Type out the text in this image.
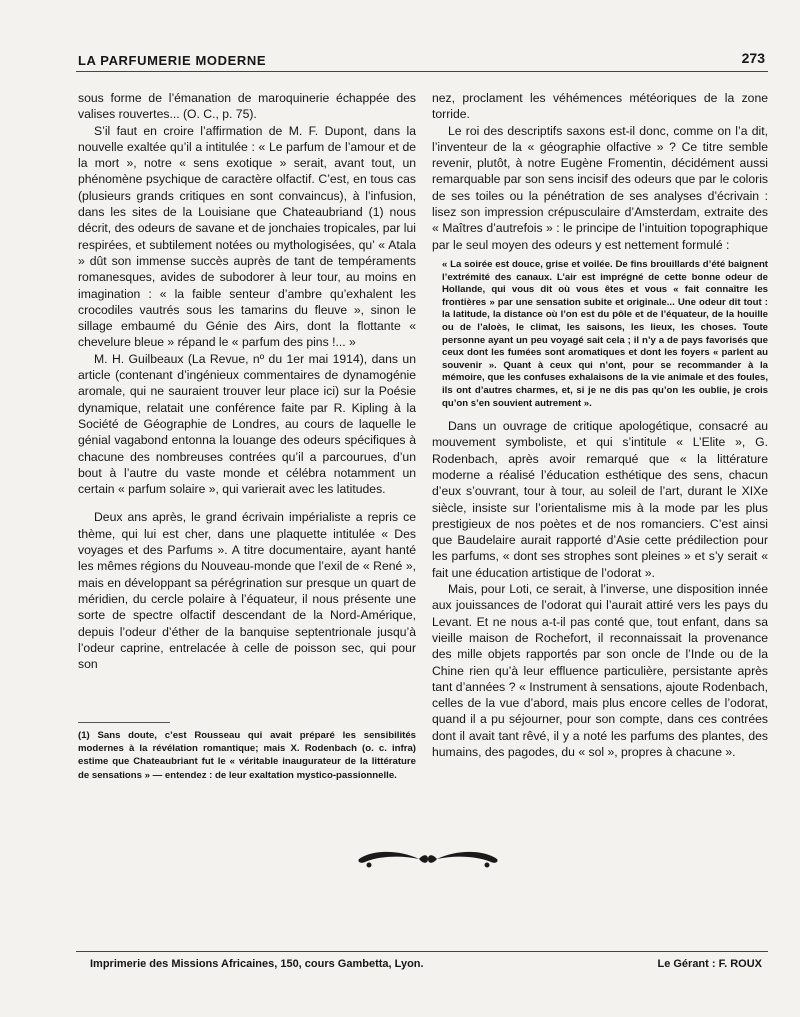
LA PARFUMERIE MODERNE	273

sous forme de l’émanation de maroquinerie échappée des valises rouvertes... (O. C., p. 75).

S’il faut en croire l’affirmation de M. F. Dupont, dans la nouvelle exaltée qu’il a intitulée : « Le parfum de l’amour et de la mort », notre « sens exotique » serait, avant tout, un phénomène psychique de caractère olfactif. C’est, en tous cas (plusieurs grands critiques en sont convaincus), à l’infusion, dans les sites de la Louisiane que Chateaubriand (1) nous décrit, des odeurs de savane et de jonchaies tropicales, par lui respirées, et subtilement notées ou mythologisées, qu’ « Atala » dût son immense succès auprès de tant de tempéraments romanesques, avides de subodorer à leur tour, au moins en imagination : « la faible senteur d’ambre qu’exhalent les crocodiles vautrés sous les tamarins du fleuve », sinon le sillage embaumé du Génie des Airs, dont la flottante « chevelure bleue » répand le « parfum des pins !... »

M. H. Guilbeaux (La Revue, nº du 1er mai 1914), dans un article (contenant d’ingénieux commentaires de dynamogénie aromale, qui ne sauraient trouver leur place ici) sur la Poésie dynamique, relatait une conférence faite par R. Kipling à la Société de Géographie de Londres, au cours de laquelle le génial vagabond entonna la louange des odeurs spécifiques à chacune des nombreuses contrées qu’il a parcourues, d’un bout à l’autre du vaste monde et célébra notamment un certain « parfum solaire », qui varierait avec les latitudes.

Deux ans après, le grand écrivain impérialiste a repris ce thème, qui lui est cher, dans une plaquette intitulée « Des voyages et des Parfums ». A titre documentaire, ayant hanté les mêmes régions du Nouveau-monde que l’exil de « René », mais en développant sa pérégrination sur presque un quart de méridien, du cercle polaire à l’équateur, il nous présente une sorte de spectre olfactif descendant de la Nord-Amérique, depuis l’odeur d’éther de la banquise septentrionale jusqu’à l’odeur caprine, entrelacée à celle de poisson sec, qui pour son

(1) Sans doute, c’est Rousseau qui avait préparé les sensibilités modernes à la révélation romantique; mais X. Rodenbach (o. c. infra) estime que Chateaubriant fut le « véritable inaugurateur de la littérature de sensations » — entendez : de leur exaltation mystico-passionnelle.

nez, proclament les véhémences météoriques de la zone torride.

Le roi des descriptifs saxons est-il donc, comme on l’a dit, l’inventeur de la « géographie olfactive » ? Ce titre semble revenir, plutôt, à notre Eugène Fromentin, décidément aussi remarquable par son sens incisif des odeurs que par le coloris de ses toiles ou la pénétration de ses analyses d’écrivain : lisez son impression crépusculaire d’Amsterdam, extraite des « Maîtres d’autrefois » : le principe de l’intuition topographique par le seul moyen des odeurs y est nettement formulé :

« La soirée est douce, grise et voilée. De fins brouillards d’été baignent l’extrémité des canaux. L’air est imprégné de cette bonne odeur de Hollande, qui vous dit où vous êtes et vous « fait connaître les frontières » par une sensation subite et originale... Une odeur dit tout : la latitude, la distance où l’on est du pôle et de l’équateur, de la houille ou de l’aloès, le climat, les saisons, les lieux, les choses. Toute personne ayant un peu voyagé sait cela ; il n’y a de pays favorisés que ceux dont les fumées sont aromatiques et dont les foyers « parlent au souvenir ». Quant à ceux qui n’ont, pour se recommander à la mémoire, que les confuses exhalaisons de la vie animale et des foules, ils ont d’autres charmes, et, si je ne dis pas qu’on les oublie, je crois qu’on s’en souvient autrement ».

Dans un ouvrage de critique apologétique, consacré au mouvement symboliste, et qui s’intitule « L’Elite », G. Rodenbach, après avoir remarqué que « la littérature moderne a réalisé l’éducation esthétique des sens, chacun d’eux s’ouvrant, tour à tour, au soleil de l’art, durant le XIXe siècle, insiste sur l’orientalisme mis à la mode par les plus prestigieux de nos poètes et de nos romanciers. C’est ainsi que Baudelaire aurait rapporté d’Asie cette prédilection pour les parfums, « dont ses strophes sont pleines » et s’y serait « fait une éducation artistique de l’odorat ».

Mais, pour Loti, ce serait, à l’inverse, une disposition innée aux jouissances de l’odorat qui l’aurait attiré vers les pays du Levant. Et ne nous a-t-il pas conté que, tout enfant, dans sa vieille maison de Rochefort, il reconnaissait la provenance des mille objets rapportés par son oncle de l’Inde ou de la Chine rien qu’à leur effluence particulière, persistante après tant d’années ? « Instrument à sensations, ajoute Rodenbach, celles de la vue d’abord, mais plus encore celles de l’odorat, quand il a pu séjourner, pour son compte, dans ces contrées dont il avait tant rêvé, il y a noté les parfums des plantes, des humains, des pagodes, du « sol », propres à chacune ».

Imprimerie des Missions Africaines, 150, cours Gambetta, Lyon.	Le Gérant : F. ROUX
